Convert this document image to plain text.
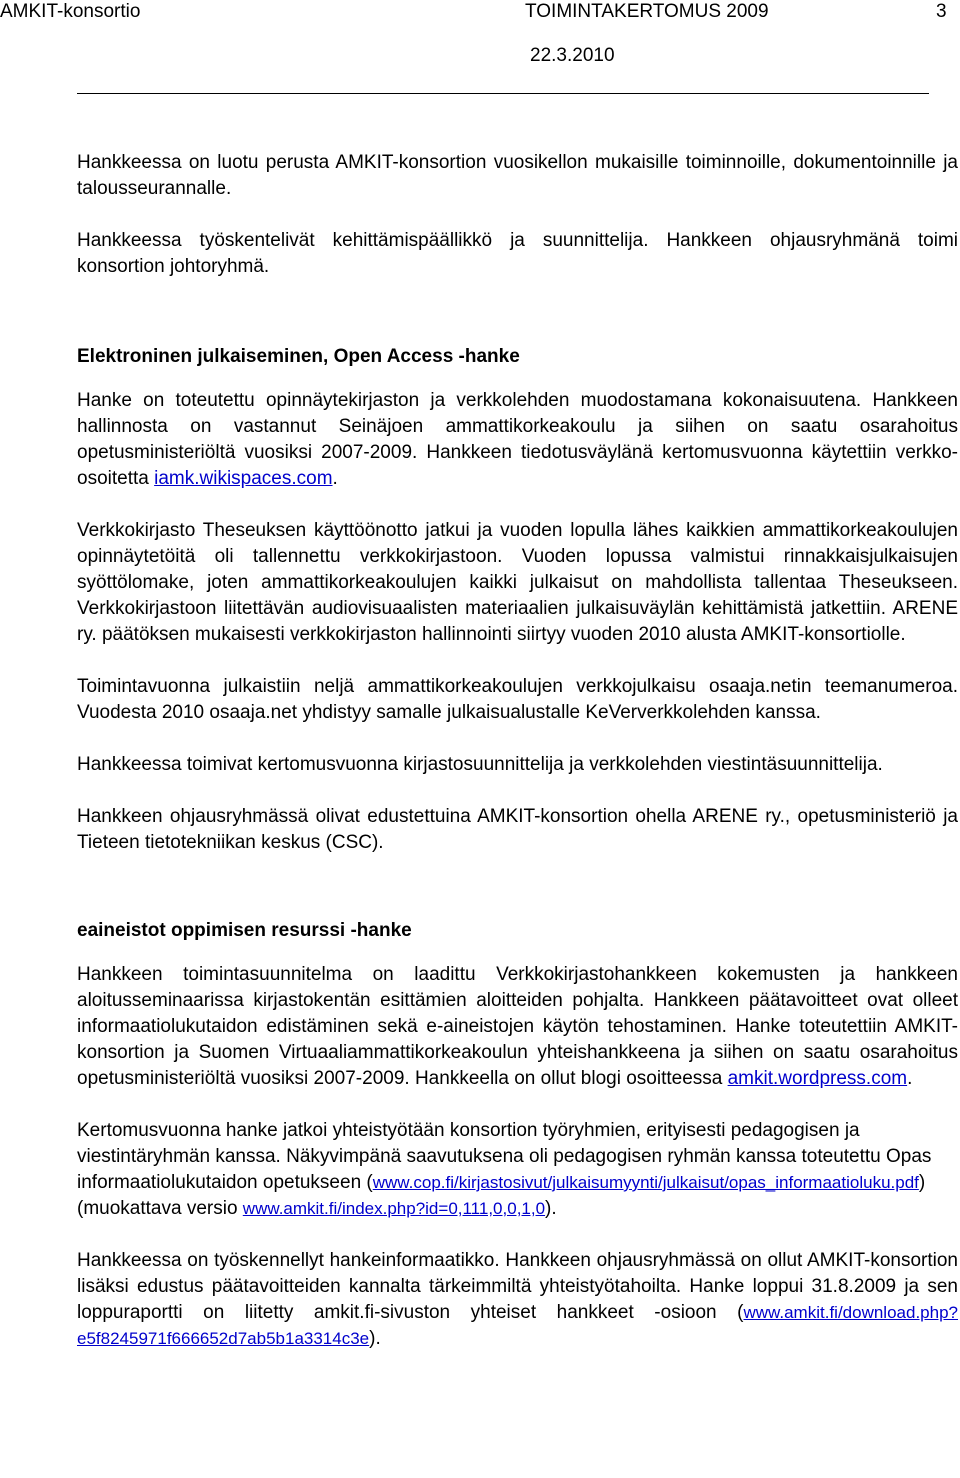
AMKIT-konsortio	TOIMINTAKERTOMUS 2009	3
22.3.2010

Hankkeessa on luotu perusta AMKIT-konsortion vuosikellon mukaisille toiminnoille, dokumentoinnille ja talousseurannalle.

Hankkeessa työskentelivät kehittämispäällikkö ja suunnittelija. Hankkeen ohjausryhmänä toimi konsortion johtoryhmä.

Elektroninen julkaiseminen, Open Access -hanke

Hanke on toteutettu opinnäytekirjaston ja verkkolehden muodostamana kokonaisuutena. Hankkeen hallinnosta on vastannut Seinäjoen ammattikorkeakoulu ja siihen on saatu osarahoitus opetusministeriöltä vuosiksi 2007-2009. Hankkeen tiedotusväylänä kertomusvuonna käytettiin verkko-osoitetta iamk.wikispaces.com.

Verkkokirjasto Theseuksen käyttöönotto jatkui ja vuoden lopulla lähes kaikkien ammattikorkeakoulujen opinnäytetöitä oli tallennettu verkkokirjastoon. Vuoden lopussa valmistui rinnakkaisjulkaisujen syöttölomake, joten ammattikorkeakoulujen kaikki julkaisut on mahdollista tallentaa Theseukseen. Verkkokirjastoon liitettävän audiovisuaalisten materiaalien julkaisuväylän kehittämistä jatkettiin. ARENE ry. päätöksen mukaisesti verkkokirjaston hallinnointi siirtyy vuoden 2010 alusta AMKIT-konsortiolle.

Toimintavuonna julkaistiin neljä ammattikorkeakoulujen verkkojulkaisu osaaja.netin teemanumeroa. Vuodesta 2010 osaaja.net yhdistyy samalle julkaisualustalle KeVerverkkolehden kanssa.

Hankkeessa toimivat kertomusvuonna kirjastosuunnittelija ja verkkolehden viestintäsuunnittelija.

Hankkeen ohjausryhmässä olivat edustettuina AMKIT-konsortion ohella ARENE ry., opetusministeriö ja Tieteen tietotekniikan keskus (CSC).

eaineistot oppimisen resurssi -hanke

Hankkeen toimintasuunnitelma on laadittu Verkkokirjastohankkeen kokemusten ja hankkeen aloitusseminaarissa kirjastokentän esittämien aloitteiden pohjalta. Hankkeen päätavoitteet ovat olleet informaatiolukutaidon edistäminen sekä e-aineistojen käytön tehostaminen. Hanke toteutettiin AMKIT-konsortion ja Suomen Virtuaaliammattikorkeakoulun yhteishankkeena ja siihen on saatu osarahoitus opetusministeriöltä vuosiksi 2007-2009. Hankkeella on ollut blogi osoitteessa amkit.wordpress.com.

Kertomusvuonna hanke jatkoi yhteistyötään konsortion työryhmien, erityisesti pedagogisen ja viestintäryhmän kanssa. Näkyvimpänä saavutuksena oli pedagogisen ryhmän kanssa toteutettu Opas informaatiolukutaidon opetukseen (www.cop.fi/kirjastosivut/julkaisumyynti/julkaisut/opas_informaatioluku.pdf) (muokattava versio www.amkit.fi/index.php?id=0,111,0,0,1,0).

Hankkeessa on työskennellyt hankeinformaatikko. Hankkeen ohjausryhmässä on ollut AMKIT-konsortion lisäksi edustus päätavoitteiden kannalta tärkeimmiltä yhteistyötahoilta. Hanke loppui 31.8.2009 ja sen loppuraportti on liitetty amkit.fi-sivuston yhteiset hankkeet -osioon (www.amkit.fi/download.php?e5f8245971f666652d7ab5b1a3314c3e).
